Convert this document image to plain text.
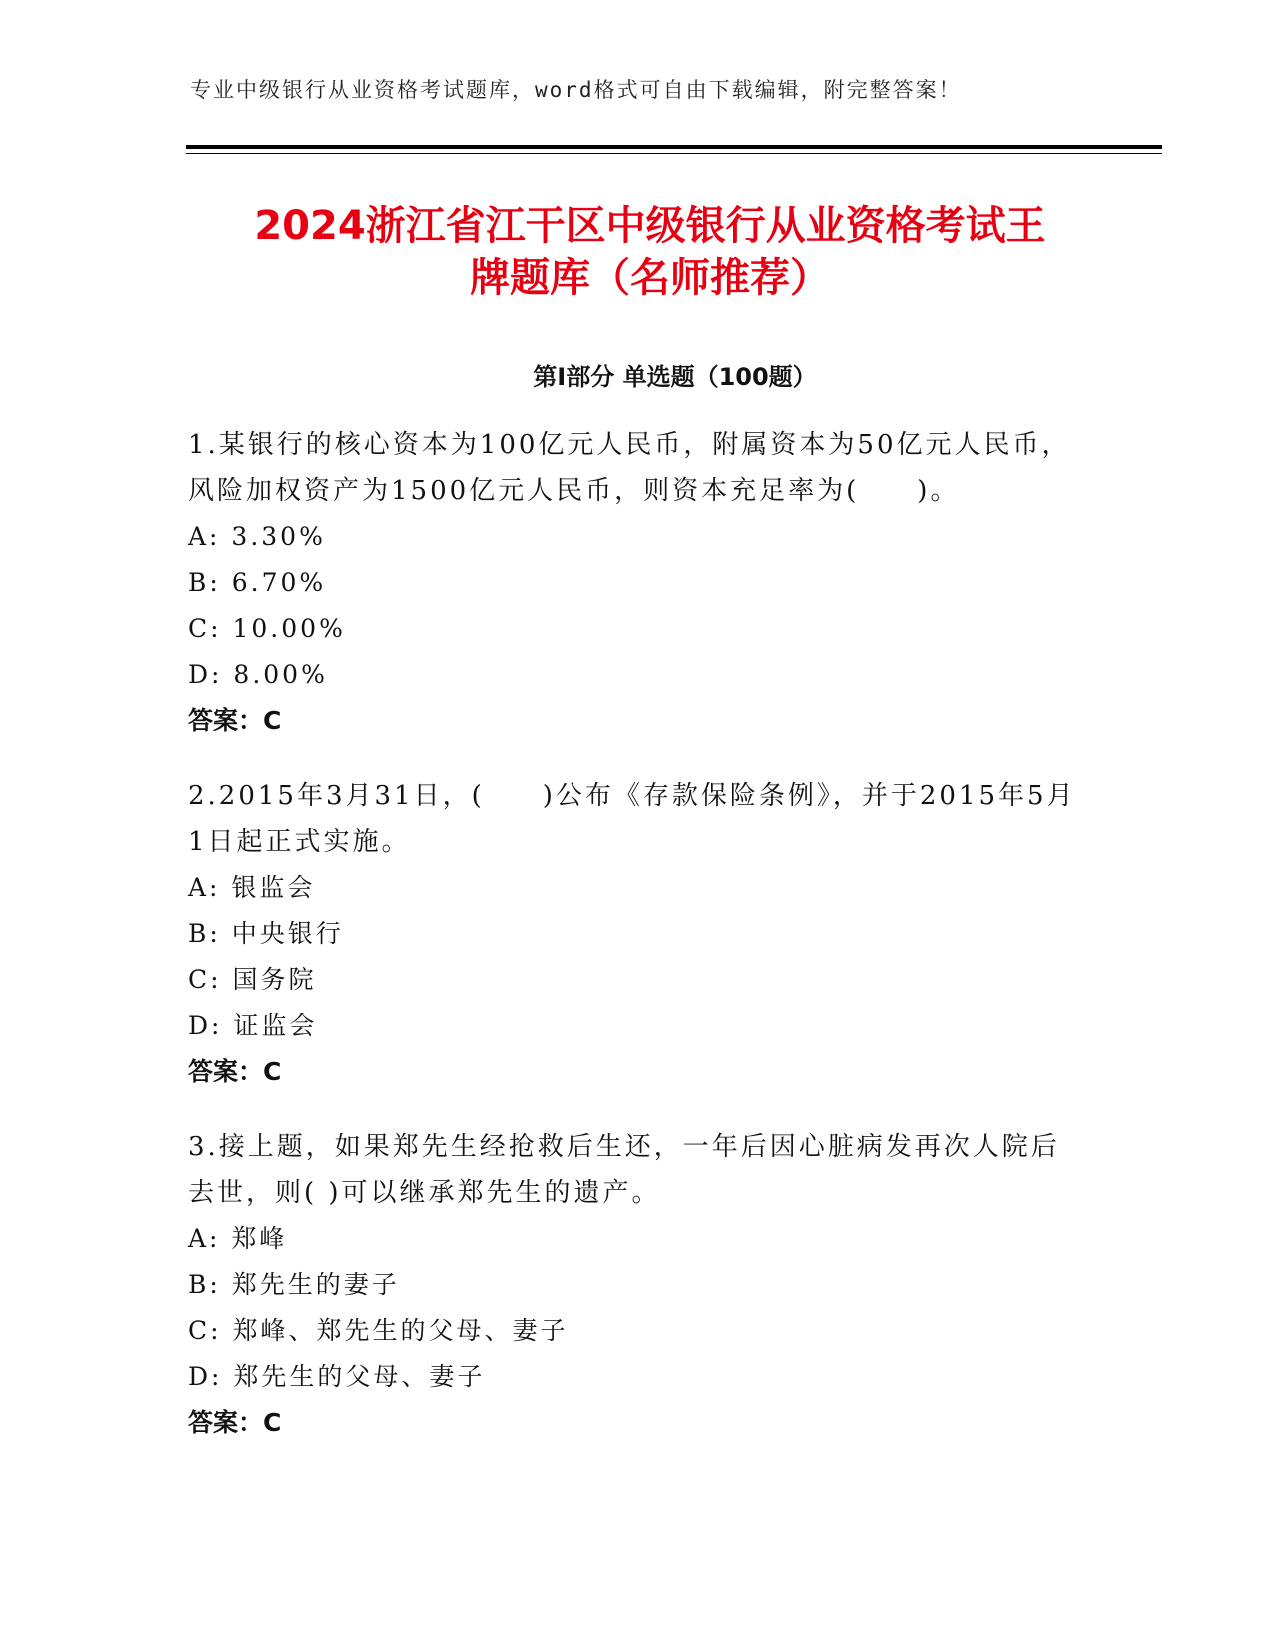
专业中级银行从业资格考试题库，word格式可自由下载编辑，附完整答案！
2024浙江省江干区中级银行从业资格考试王
牌题库（名师推荐）
第Ⅰ部分 单选题（100题）

1.某银行的核心资本为100亿元人民币，附属资本为50亿元人民币，风险加权资产为1500亿元人民币，则资本充足率为(　　)。

A: 3.30%

B: 6.70%

C: 10.00%

D: 8.00%

答案：C

2.2015年3月31日，(　　)公布《存款保险条例》，并于2015年5月1日起正式实施。

A: 银监会

B: 中央银行

C: 国务院

D: 证监会

答案：C

3.接上题，如果郑先生经抢救后生还，一年后因心脏病发再次人院后去世，则( )可以继承郑先生的遗产。

A: 郑峰

B: 郑先生的妻子

C: 郑峰、郑先生的父母、妻子

D: 郑先生的父母、妻子

答案：C
